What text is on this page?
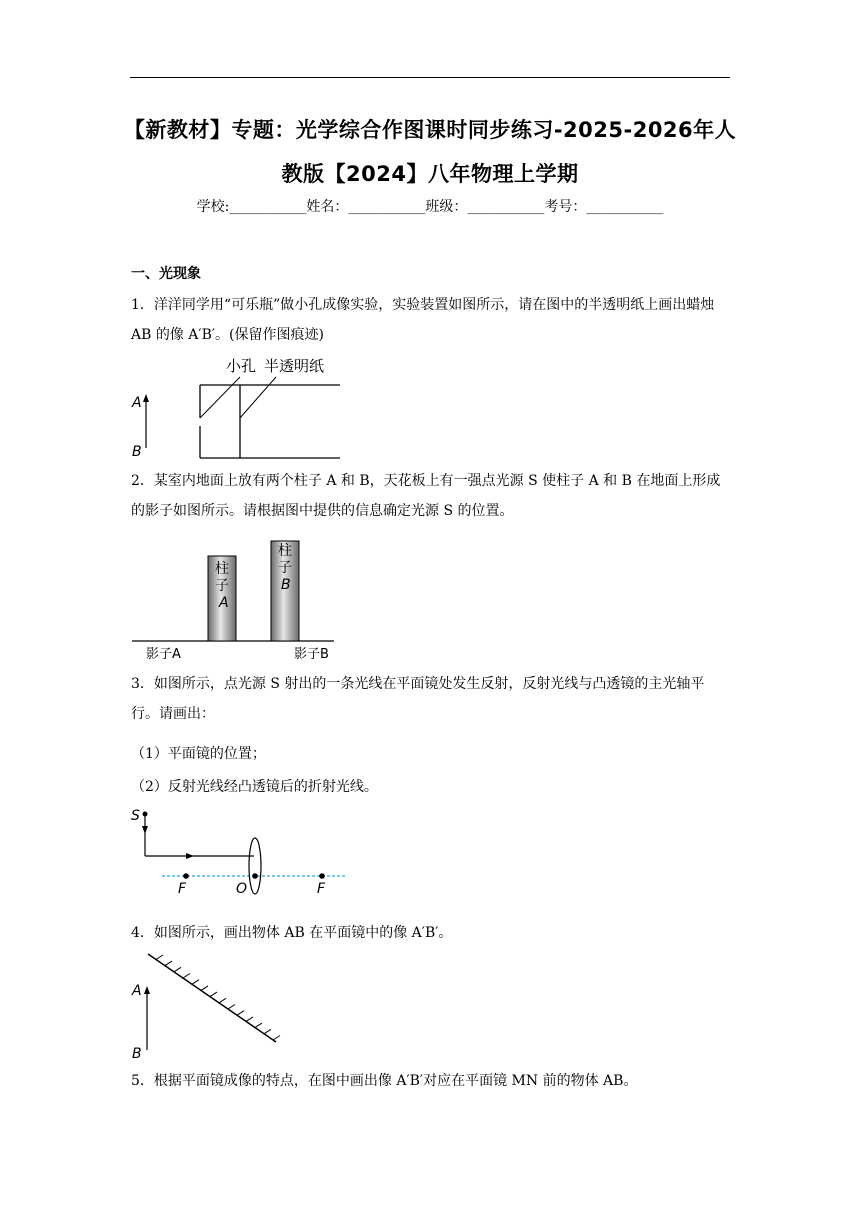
【新教材】专题：光学综合作图课时同步练习-2025-2026年人
教版【2024】八年物理上学期
学校:___________姓名：___________班级：___________考号：___________
一、光现象

1．洋洋同学用“可乐瓶”做小孔成像实验，实验装置如图所示，请在图中的半透明纸上画出蜡烛 AB 的像 A′B′。(保留作图痕迹)

小孔 半透明纸
A
B

2．某室内地面上放有两个柱子 A 和 B，天花板上有一强点光源 S 使柱子 A 和 B 在地面上形成的影子如图所示。请根据图中提供的信息确定光源 S 的位置。

柱
子
A
柱
子
B
影子A	影子B

3．如图所示，点光源 S 射出的一条光线在平面镜处发生反射，反射光线与凸透镜的主光轴平行。请画出：

（1）平面镜的位置；

（2）反射光线经凸透镜后的折射光线。

S
F	O	F

4．如图所示，画出物体 AB 在平面镜中的像 A′B′。

A
B

5．根据平面镜成像的特点，在图中画出像 A′B′对应在平面镜 MN 前的物体 AB。
